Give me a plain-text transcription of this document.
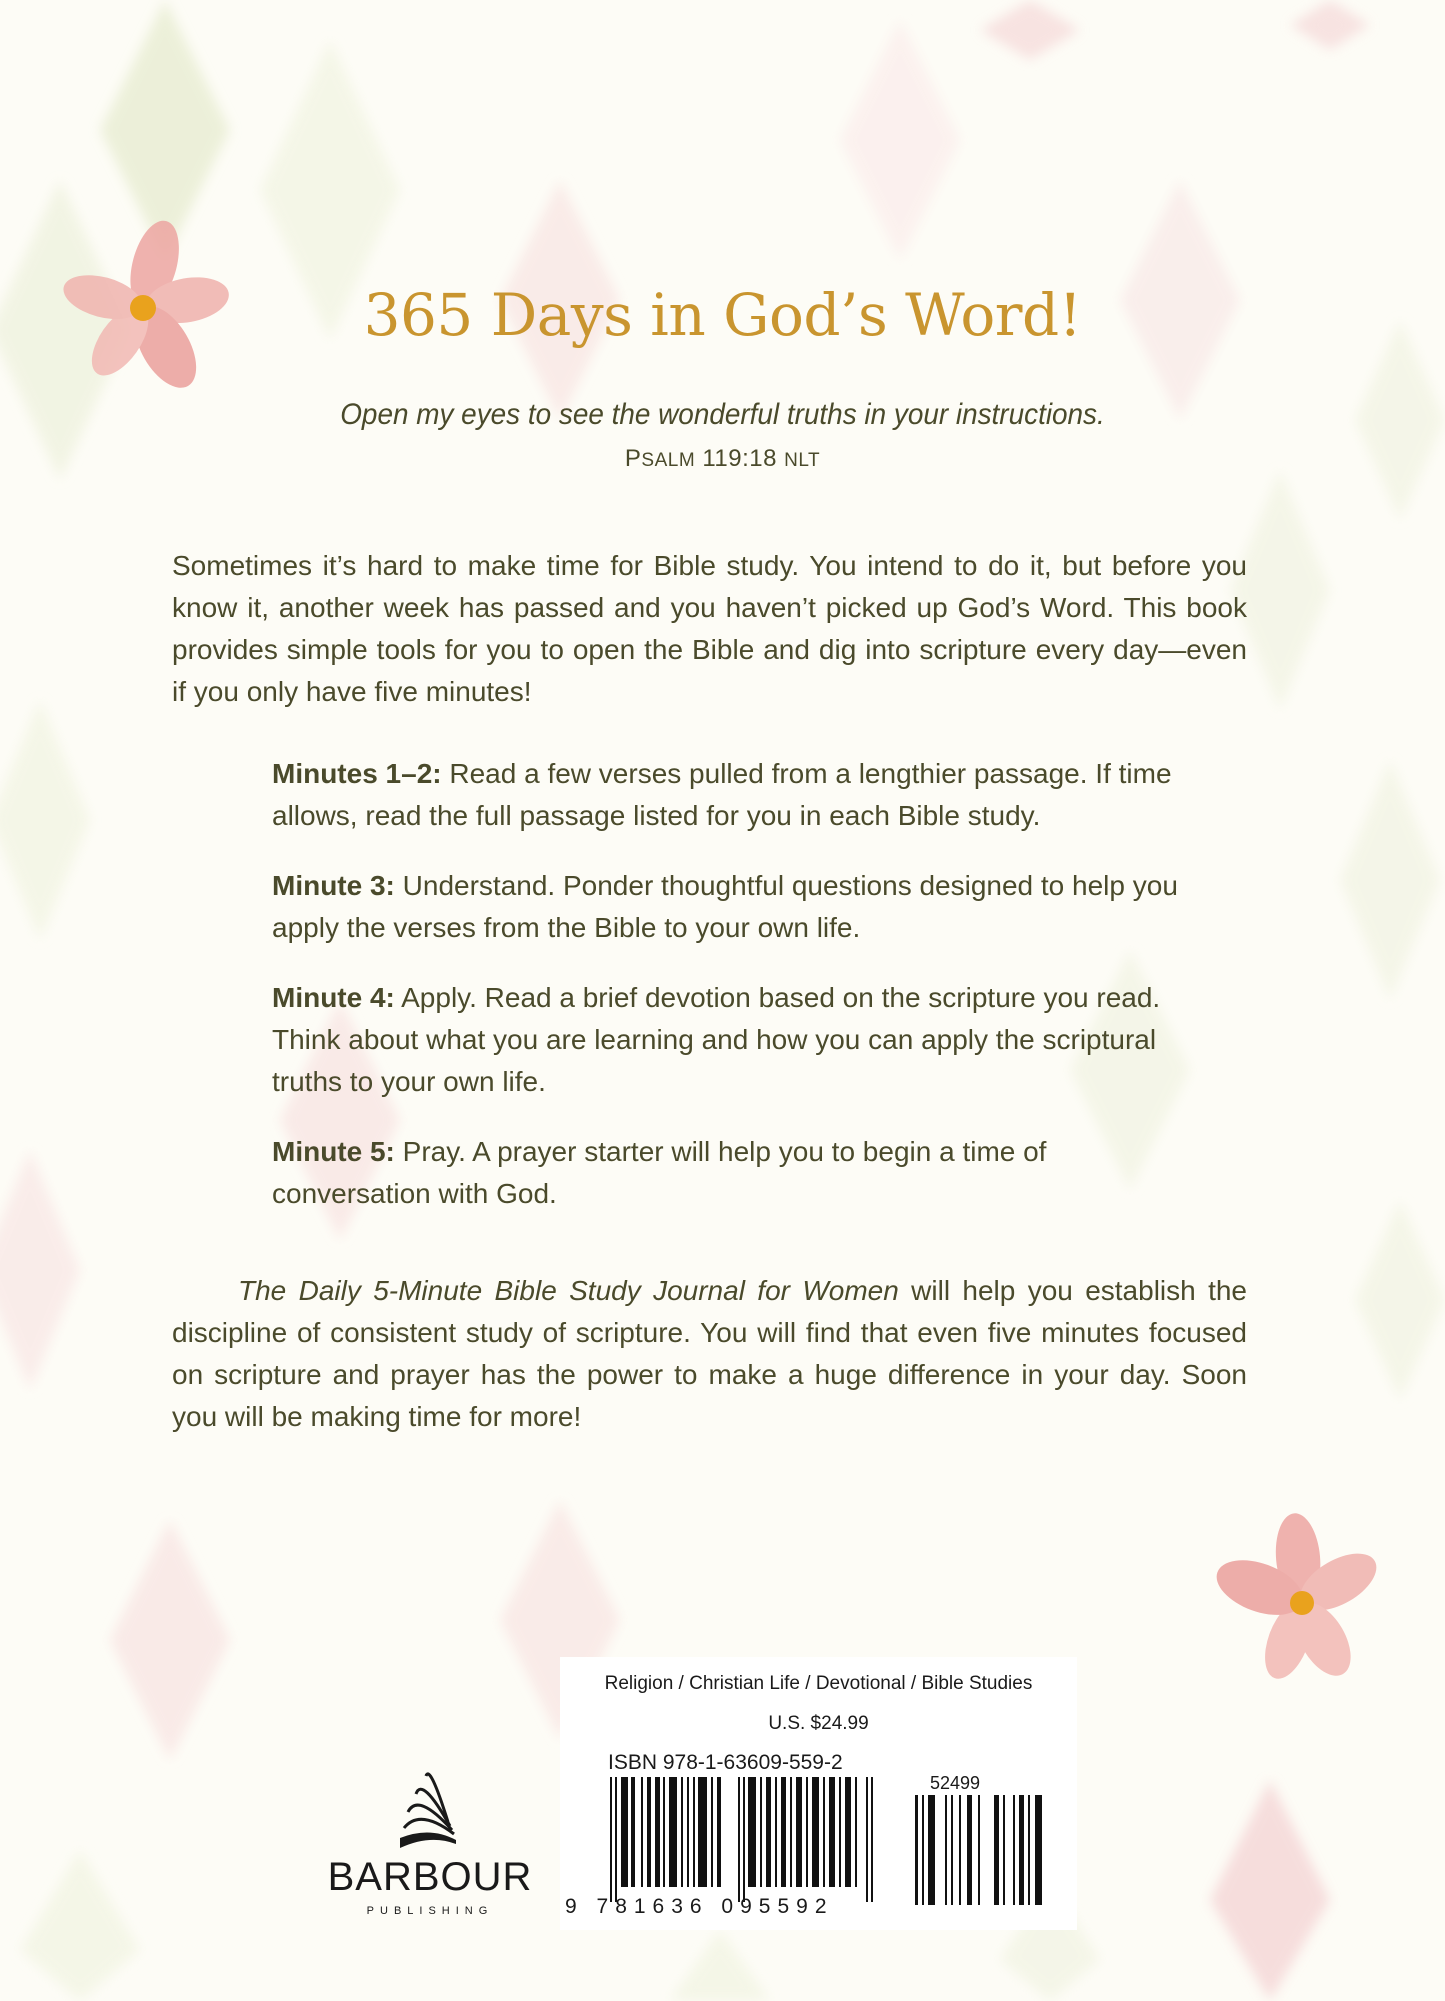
365 Days in God’s Word!
Open my eyes to see the wonderful truths in your instructions.
PSALM 119:18 NLT
Sometimes it’s hard to make time for Bible study. You intend to do it, but before you know it, another week has passed and you haven’t picked up God’s Word. This book provides simple tools for you to open the Bible and dig into scripture every day—even if you only have five minutes!

Minutes 1–2: Read a few verses pulled from a lengthier passage. If time allows, read the full passage listed for you in each Bible study.

Minute 3: Understand. Ponder thoughtful questions designed to help you apply the verses from the Bible to your own life.

Minute 4: Apply. Read a brief devotion based on the scripture you read. Think about what you are learning and how you can apply the scriptural truths to your own life.

Minute 5: Pray. A prayer starter will help you to begin a time of conversation with God.

The Daily 5-Minute Bible Study Journal for Women will help you establish the discipline of consistent study of scripture. You will find that even five minutes focused on scripture and prayer has the power to make a huge difference in your day. Soon you will be making time for more!
BARBOUR
PUBLISHING
Religion / Christian Life / Devotional / Bible Studies
U.S. $24.99
ISBN 978-1-63609-559-2
9 781636 095592
52499
